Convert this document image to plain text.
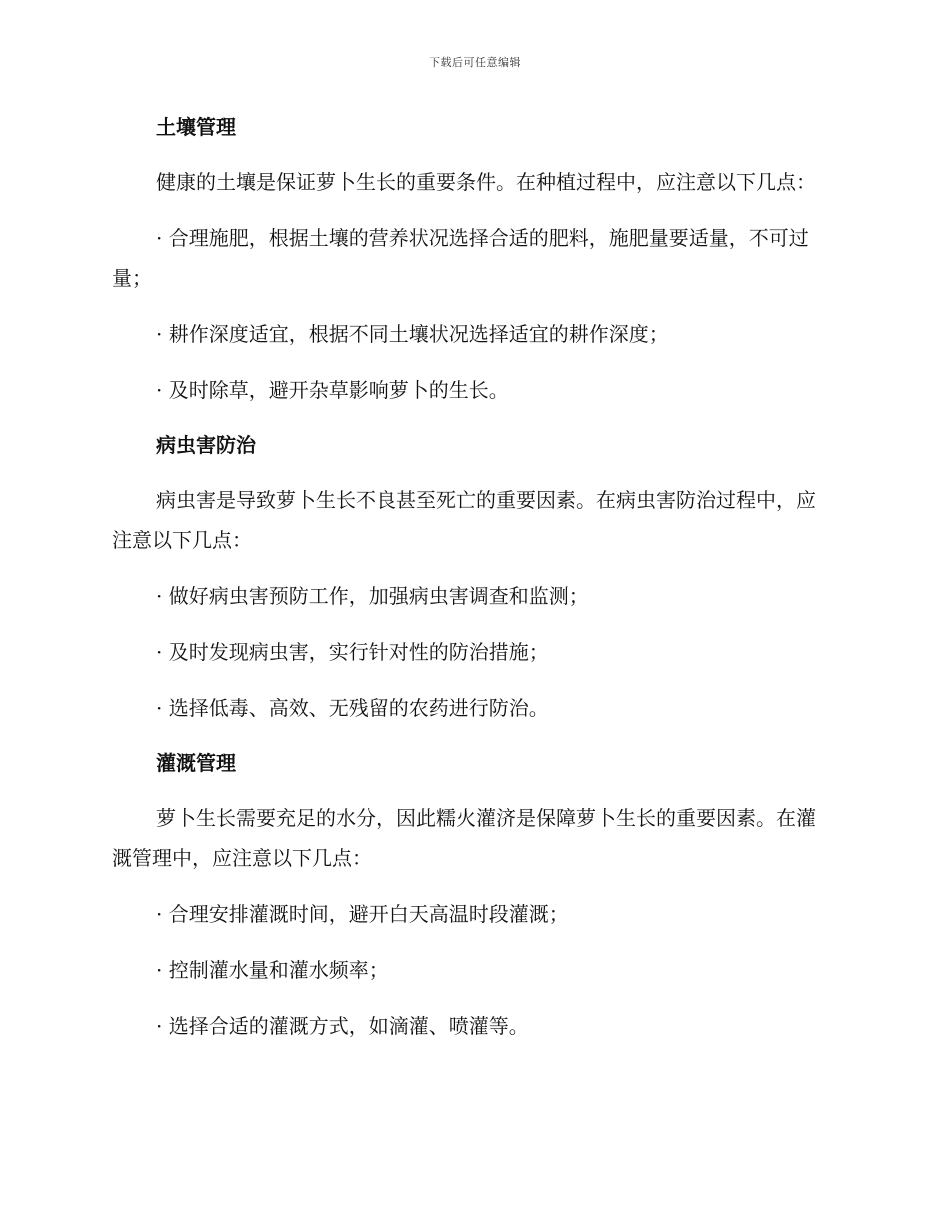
下载后可任意编辑
土壤管理

健康的土壤是保证萝卜生长的重要条件。在种植过程中，应注意以下几点：

· 合理施肥，根据土壤的营养状况选择合适的肥料，施肥量要适量，不可过量；

· 耕作深度适宜，根据不同土壤状况选择适宜的耕作深度；

· 及时除草，避开杂草影响萝卜的生长。

病虫害防治

病虫害是导致萝卜生长不良甚至死亡的重要因素。在病虫害防治过程中，应注意以下几点：

· 做好病虫害预防工作，加强病虫害调查和监测；

· 及时发现病虫害，实行针对性的防治措施；

· 选择低毒、高效、无残留的农药进行防治。

灌溉管理

萝卜生长需要充足的水分，因此糯火灌济是保障萝卜生长的重要因素。在灌溉管理中，应注意以下几点：

· 合理安排灌溉时间，避开白天高温时段灌溉；

· 控制灌水量和灌水频率；

· 选择合适的灌溉方式，如滴灌、喷灌等。
